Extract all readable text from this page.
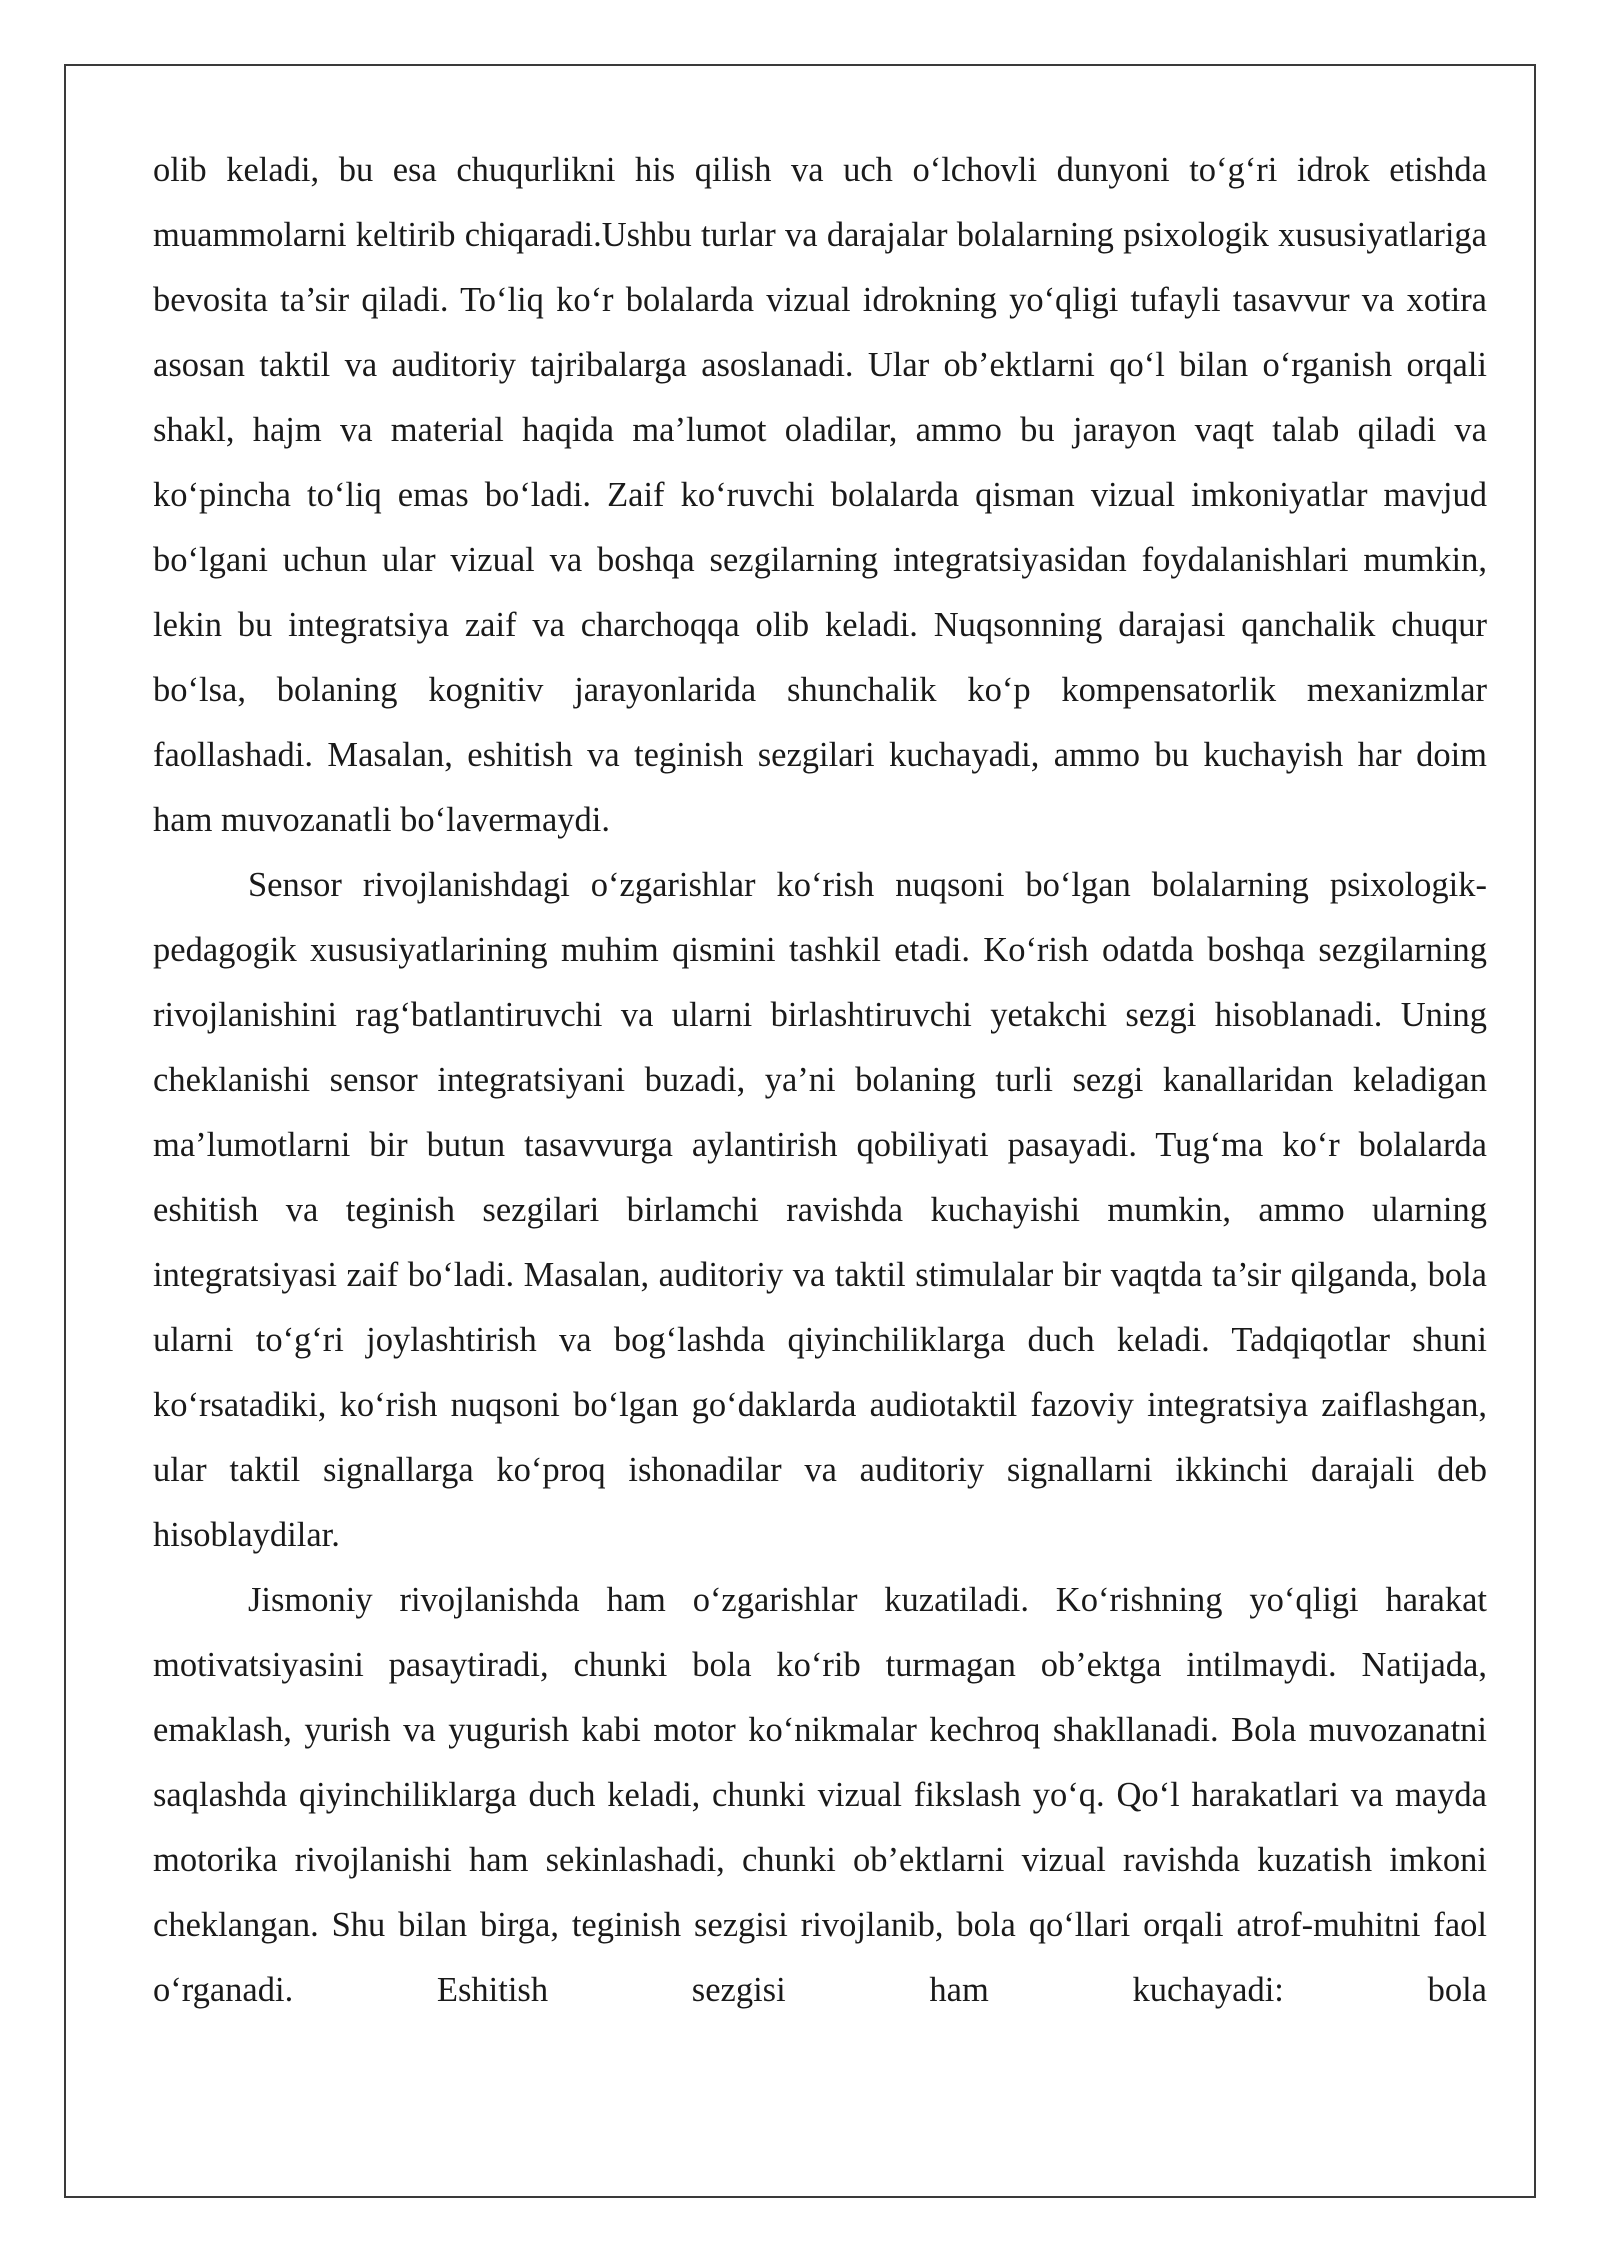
olib keladi, bu esa chuqurlikni his qilish va uch o‘lchovli dunyoni to‘g‘ri idrok etishda muammolarni keltirib chiqaradi.Ushbu turlar va darajalar bolalarning psixologik xususiyatlariga bevosita ta’sir qiladi. To‘liq ko‘r bolalarda vizual idrokning yo‘qligi tufayli tasavvur va xotira asosan taktil va auditoriy tajribalarga asoslanadi. Ular ob’ektlarni qo‘l bilan o‘rganish orqali shakl, hajm va material haqida ma’lumot oladilar, ammo bu jarayon vaqt talab qiladi va ko‘pincha to‘liq emas bo‘ladi. Zaif ko‘ruvchi bolalarda qisman vizual imkoniyatlar mavjud bo‘lgani uchun ular vizual va boshqa sezgilarning integratsiyasidan foydalanishlari mumkin, lekin bu integratsiya zaif va charchoqqa olib keladi. Nuqsonning darajasi qanchalik chuqur bo‘lsa, bolaning kognitiv jarayonlarida shunchalik ko‘p kompensatorlik mexanizmlar faollashadi. Masalan, eshitish va teginish sezgilari kuchayadi, ammo bu kuchayish har doim ham muvozanatli bo‘lavermaydi.

Sensor rivojlanishdagi o‘zgarishlar ko‘rish nuqsoni bo‘lgan bolalarning psixologik-pedagogik xususiyatlarining muhim qismini tashkil etadi. Ko‘rish odatda boshqa sezgilarning rivojlanishini rag‘batlantiruvchi va ularni birlashtiruvchi yetakchi sezgi hisoblanadi. Uning cheklanishi sensor integratsiyani buzadi, ya’ni bolaning turli sezgi kanallaridan keladigan ma’lumotlarni bir butun tasavvurga aylantirish qobiliyati pasayadi. Tug‘ma ko‘r bolalarda eshitish va teginish sezgilari birlamchi ravishda kuchayishi mumkin, ammo ularning integratsiyasi zaif bo‘ladi. Masalan, auditoriy va taktil stimulalar bir vaqtda ta’sir qilganda, bola ularni to‘g‘ri joylashtirish va bog‘lashda qiyinchiliklarga duch keladi. Tadqiqotlar shuni ko‘rsatadiki, ko‘rish nuqsoni bo‘lgan go‘daklarda audiotaktil fazoviy integratsiya zaiflashgan, ular taktil signallarga ko‘proq ishonadilar va auditoriy signallarni ikkinchi darajali deb hisoblaydilar.

Jismoniy rivojlanishda ham o‘zgarishlar kuzatiladi. Ko‘rishning yo‘qligi harakat motivatsiyasini pasaytiradi, chunki bola ko‘rib turmagan ob’ektga intilmaydi. Natijada, emaklash, yurish va yugurish kabi motor ko‘nikmalar kechroq shakllanadi. Bola muvozanatni saqlashda qiyinchiliklarga duch keladi, chunki vizual fikslash yo‘q. Qo‘l harakatlari va mayda motorika rivojlanishi ham sekinlashadi, chunki ob’ektlarni vizual ravishda kuzatish imkoni cheklangan. Shu bilan birga, teginish sezgisi rivojlanib, bola qo‘llari orqali atrof-muhitni faol o‘rganadi. Eshitish sezgisi ham kuchayadi: bola
